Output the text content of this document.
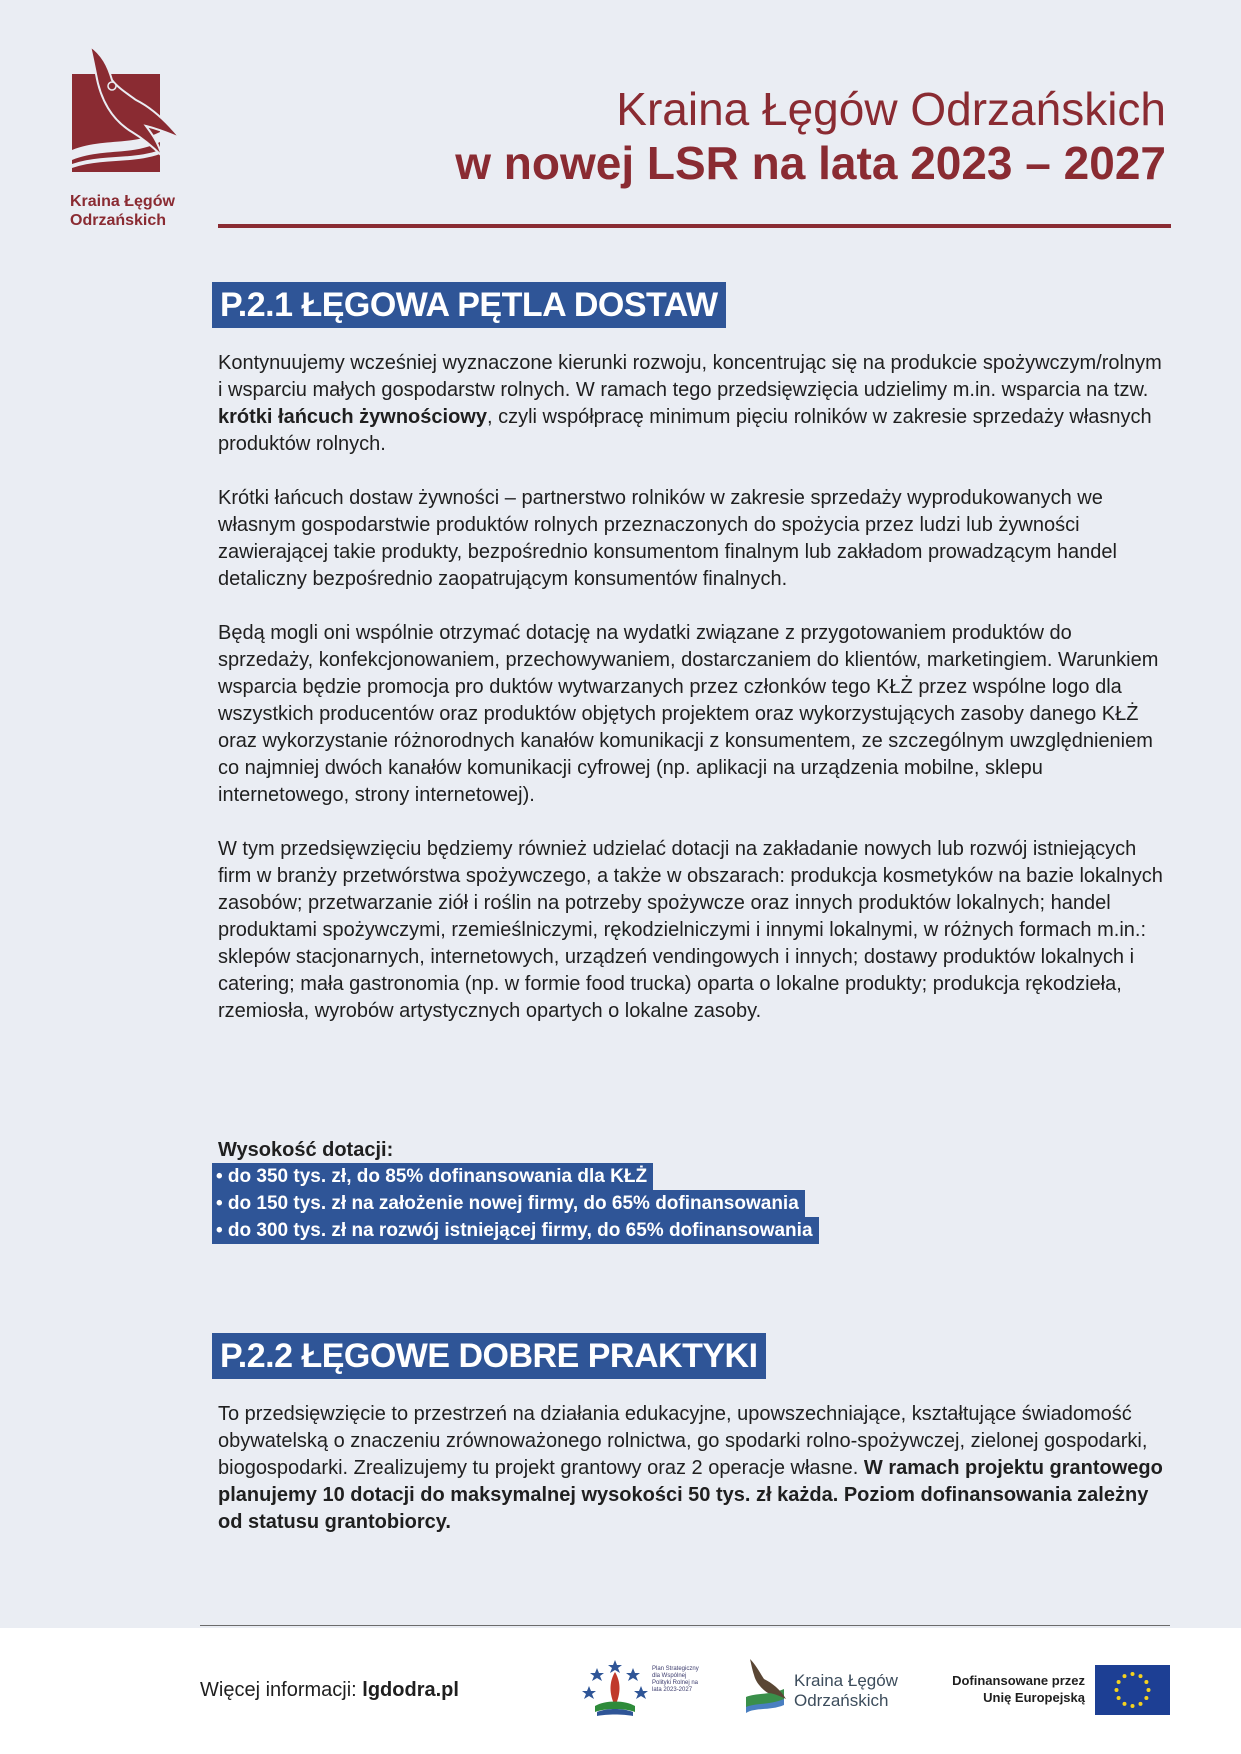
Kraina Łęgów
Odrzańskich
Kraina Łęgów Odrzańskich
w nowej LSR na lata 2023 – 2027
P.2.1 ŁĘGOWA PĘTLA DOSTAW

Kontynuujemy wcześniej wyznaczone kierunki rozwoju, koncentrując się na produkcie spożywczym/rolnym i wsparciu małych gospodarstw rolnych. W ramach tego przedsięwzięcia udzielimy m.in. wsparcia na tzw. krótki łańcuch żywnościowy, czyli współpracę minimum pięciu rolników w zakresie sprzedaży własnych produktów rolnych.

Krótki łańcuch dostaw żywności – partnerstwo rolników w zakresie sprzedaży wyprodukowanych we własnym gospodarstwie produktów rolnych przeznaczonych do spożycia przez ludzi lub żywności zawierającej takie produkty, bezpośrednio konsumentom finalnym lub zakładom prowadzącym handel detaliczny bezpośrednio zaopatrującym konsumentów finalnych.

Będą mogli oni wspólnie otrzymać dotację na wydatki związane z przygotowaniem produktów do sprzedaży, konfekcjonowaniem, przechowywaniem, dostarczaniem do klientów, marketingiem. Warunkiem wsparcia będzie promocja pro duktów wytwarzanych przez członków tego KŁŻ przez wspólne logo dla wszystkich producentów oraz produktów objętych projektem oraz wykorzystujących zasoby danego KŁŻ oraz wykorzystanie różnorodnych kanałów komunikacji z konsumentem, ze szczególnym uwzględnieniem co najmniej dwóch kanałów komunikacji cyfrowej (np. aplikacji na urządzenia mobilne, sklepu internetowego, strony internetowej).

W tym przedsięwzięciu będziemy również udzielać dotacji na zakładanie nowych lub rozwój istniejących firm w branży przetwórstwa spożywczego, a także w obszarach: produkcja kosmetyków na bazie lokalnych zasobów; przetwarzanie ziół i roślin na potrzeby spożywcze oraz innych produktów lokalnych; handel produktami spożywczymi, rzemieślniczymi, rękodzielniczymi i innymi lokalnymi, w różnych formach m.in.: sklepów stacjonarnych, internetowych, urządzeń vendingowych i innych; dostawy produktów lokalnych i catering; mała gastronomia (np. w formie food trucka) oparta o lokalne produkty; produkcja rękodzieła, rzemiosła, wyrobów artystycznych opartych o lokalne zasoby.

Wysokość dotacji:
• do 350 tys. zł, do 85% dofinansowania dla KŁŻ
• do 150 tys. zł na założenie nowej firmy, do 65% dofinansowania
• do 300 tys. zł na rozwój istniejącej firmy, do 65% dofinansowania
P.2.2 ŁĘGOWE DOBRE PRAKTYKI

To przedsięwzięcie to przestrzeń na działania edukacyjne, upowszechniające, kształtujące świadomość obywatelską o znaczeniu zrównoważonego rolnictwa, go spodarki rolno-spożywczej, zielonej gospodarki, biogospodarki. Zrealizujemy tu projekt grantowy oraz 2 operacje własne. W ramach projektu grantowego planujemy 10 dotacji do maksymalnej wysokości 50 tys. zł każda. Poziom dofinansowania zależny od statusu grantobiorcy.

Więcej informacji: lgdodra.pl
Plan Strategiczny dla Wspólnej Polityki Rolnej na lata 2023-2027	Kraina Łęgów
Odrzańskich
Dofinansowane przez
Unię Europejską
